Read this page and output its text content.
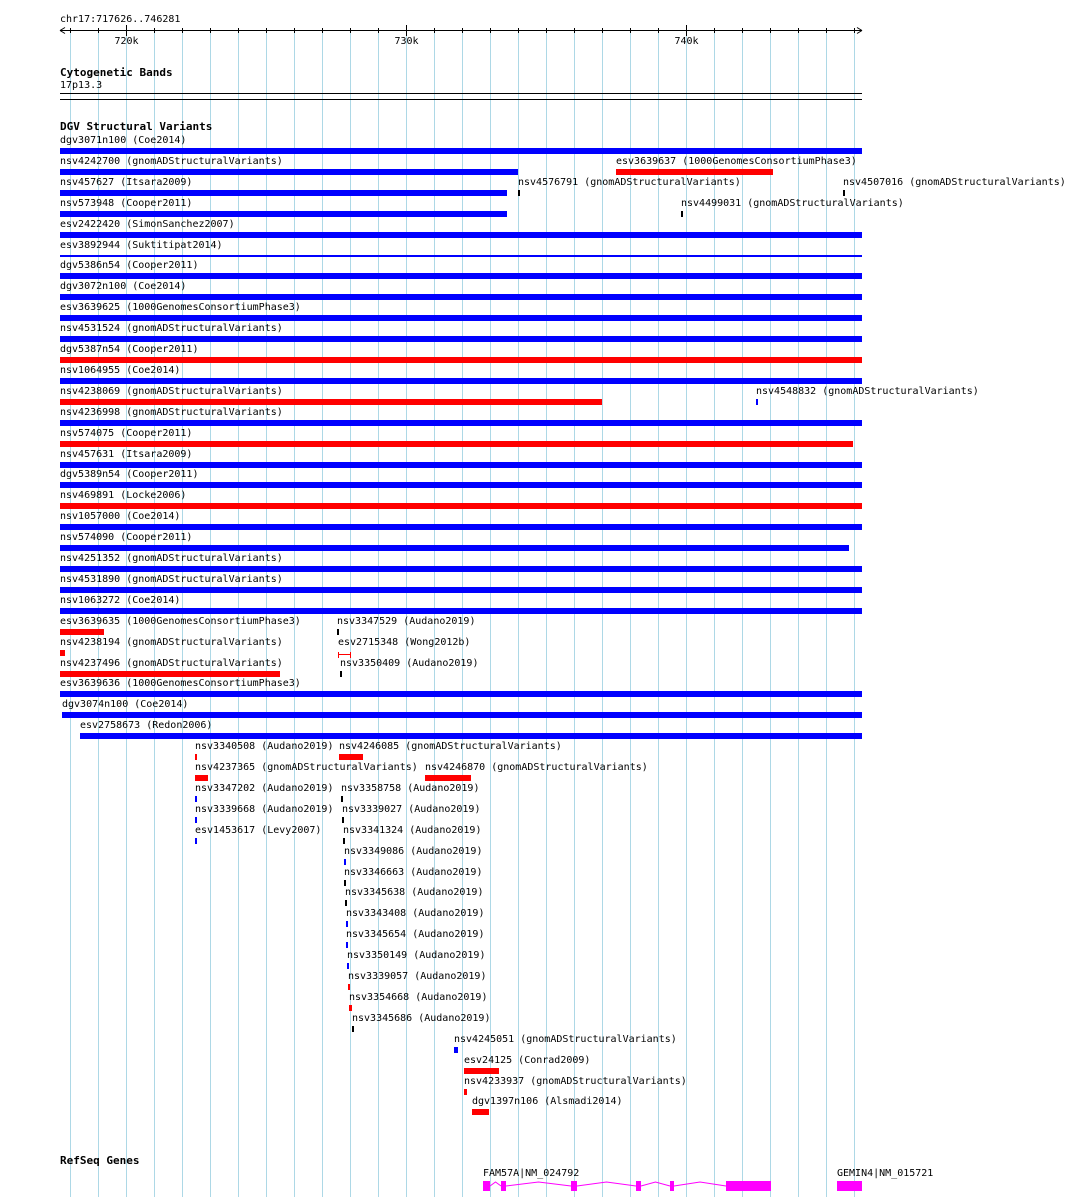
chr17:717626..746281
720k	730k	740k
Cytogenetic Bands
17p13.3
DGV Structural Variants
dgv3071n100 (Coe2014)
nsv4242700 (gnomADStructuralVariants)	esv3639637 (1000GenomesConsortiumPhase3)
nsv457627 (Itsara2009)	nsv4576791 (gnomADStructuralVariants)	nsv4507016 (gnomADStructuralVariants)
nsv573948 (Cooper2011)	nsv4499031 (gnomADStructuralVariants)
esv2422420 (SimonSanchez2007)
esv3892944 (Suktitipat2014)
dgv5386n54 (Cooper2011)
dgv3072n100 (Coe2014)
esv3639625 (1000GenomesConsortiumPhase3)
nsv4531524 (gnomADStructuralVariants)
dgv5387n54 (Cooper2011)
nsv1064955 (Coe2014)
nsv4238069 (gnomADStructuralVariants)	nsv4548832 (gnomADStructuralVariants)
nsv4236998 (gnomADStructuralVariants)
nsv574075 (Cooper2011)
nsv457631 (Itsara2009)
dgv5389n54 (Cooper2011)
nsv469891 (Locke2006)
nsv1057000 (Coe2014)
nsv574090 (Cooper2011)
nsv4251352 (gnomADStructuralVariants)
nsv4531890 (gnomADStructuralVariants)
nsv1063272 (Coe2014)
esv3639635 (1000GenomesConsortiumPhase3)	nsv3347529 (Audano2019)
nsv4238194 (gnomADStructuralVariants)	esv2715348 (Wong2012b)
nsv4237496 (gnomADStructuralVariants)	nsv3350409 (Audano2019)
esv3639636 (1000GenomesConsortiumPhase3)
dgv3074n100 (Coe2014)
esv2758673 (Redon2006)
nsv3340508 (Audano2019) nsv4246085 (gnomADStructuralVariants)
nsv4237365 (gnomADStructuralVariants) nsv4246870 (gnomADStructuralVariants)
nsv3347202 (Audano2019) nsv3358758 (Audano2019)
nsv3339668 (Audano2019) nsv3339027 (Audano2019)
esv1453617 (Levy2007) nsv3341324 (Audano2019)
nsv3349086 (Audano2019)
nsv3346663 (Audano2019)
nsv3345638 (Audano2019)
nsv3343408 (Audano2019)
nsv3345654 (Audano2019)
nsv3350149 (Audano2019)
nsv3339057 (Audano2019)
nsv3354668 (Audano2019)
nsv3345686 (Audano2019)
nsv4245051 (gnomADStructuralVariants)
esv24125 (Conrad2009)
nsv4233937 (gnomADStructuralVariants)
dgv1397n106 (Alsmadi2014)
RefSeq Genes
FAM57A|NM_024792	GEMIN4|NM_015721
